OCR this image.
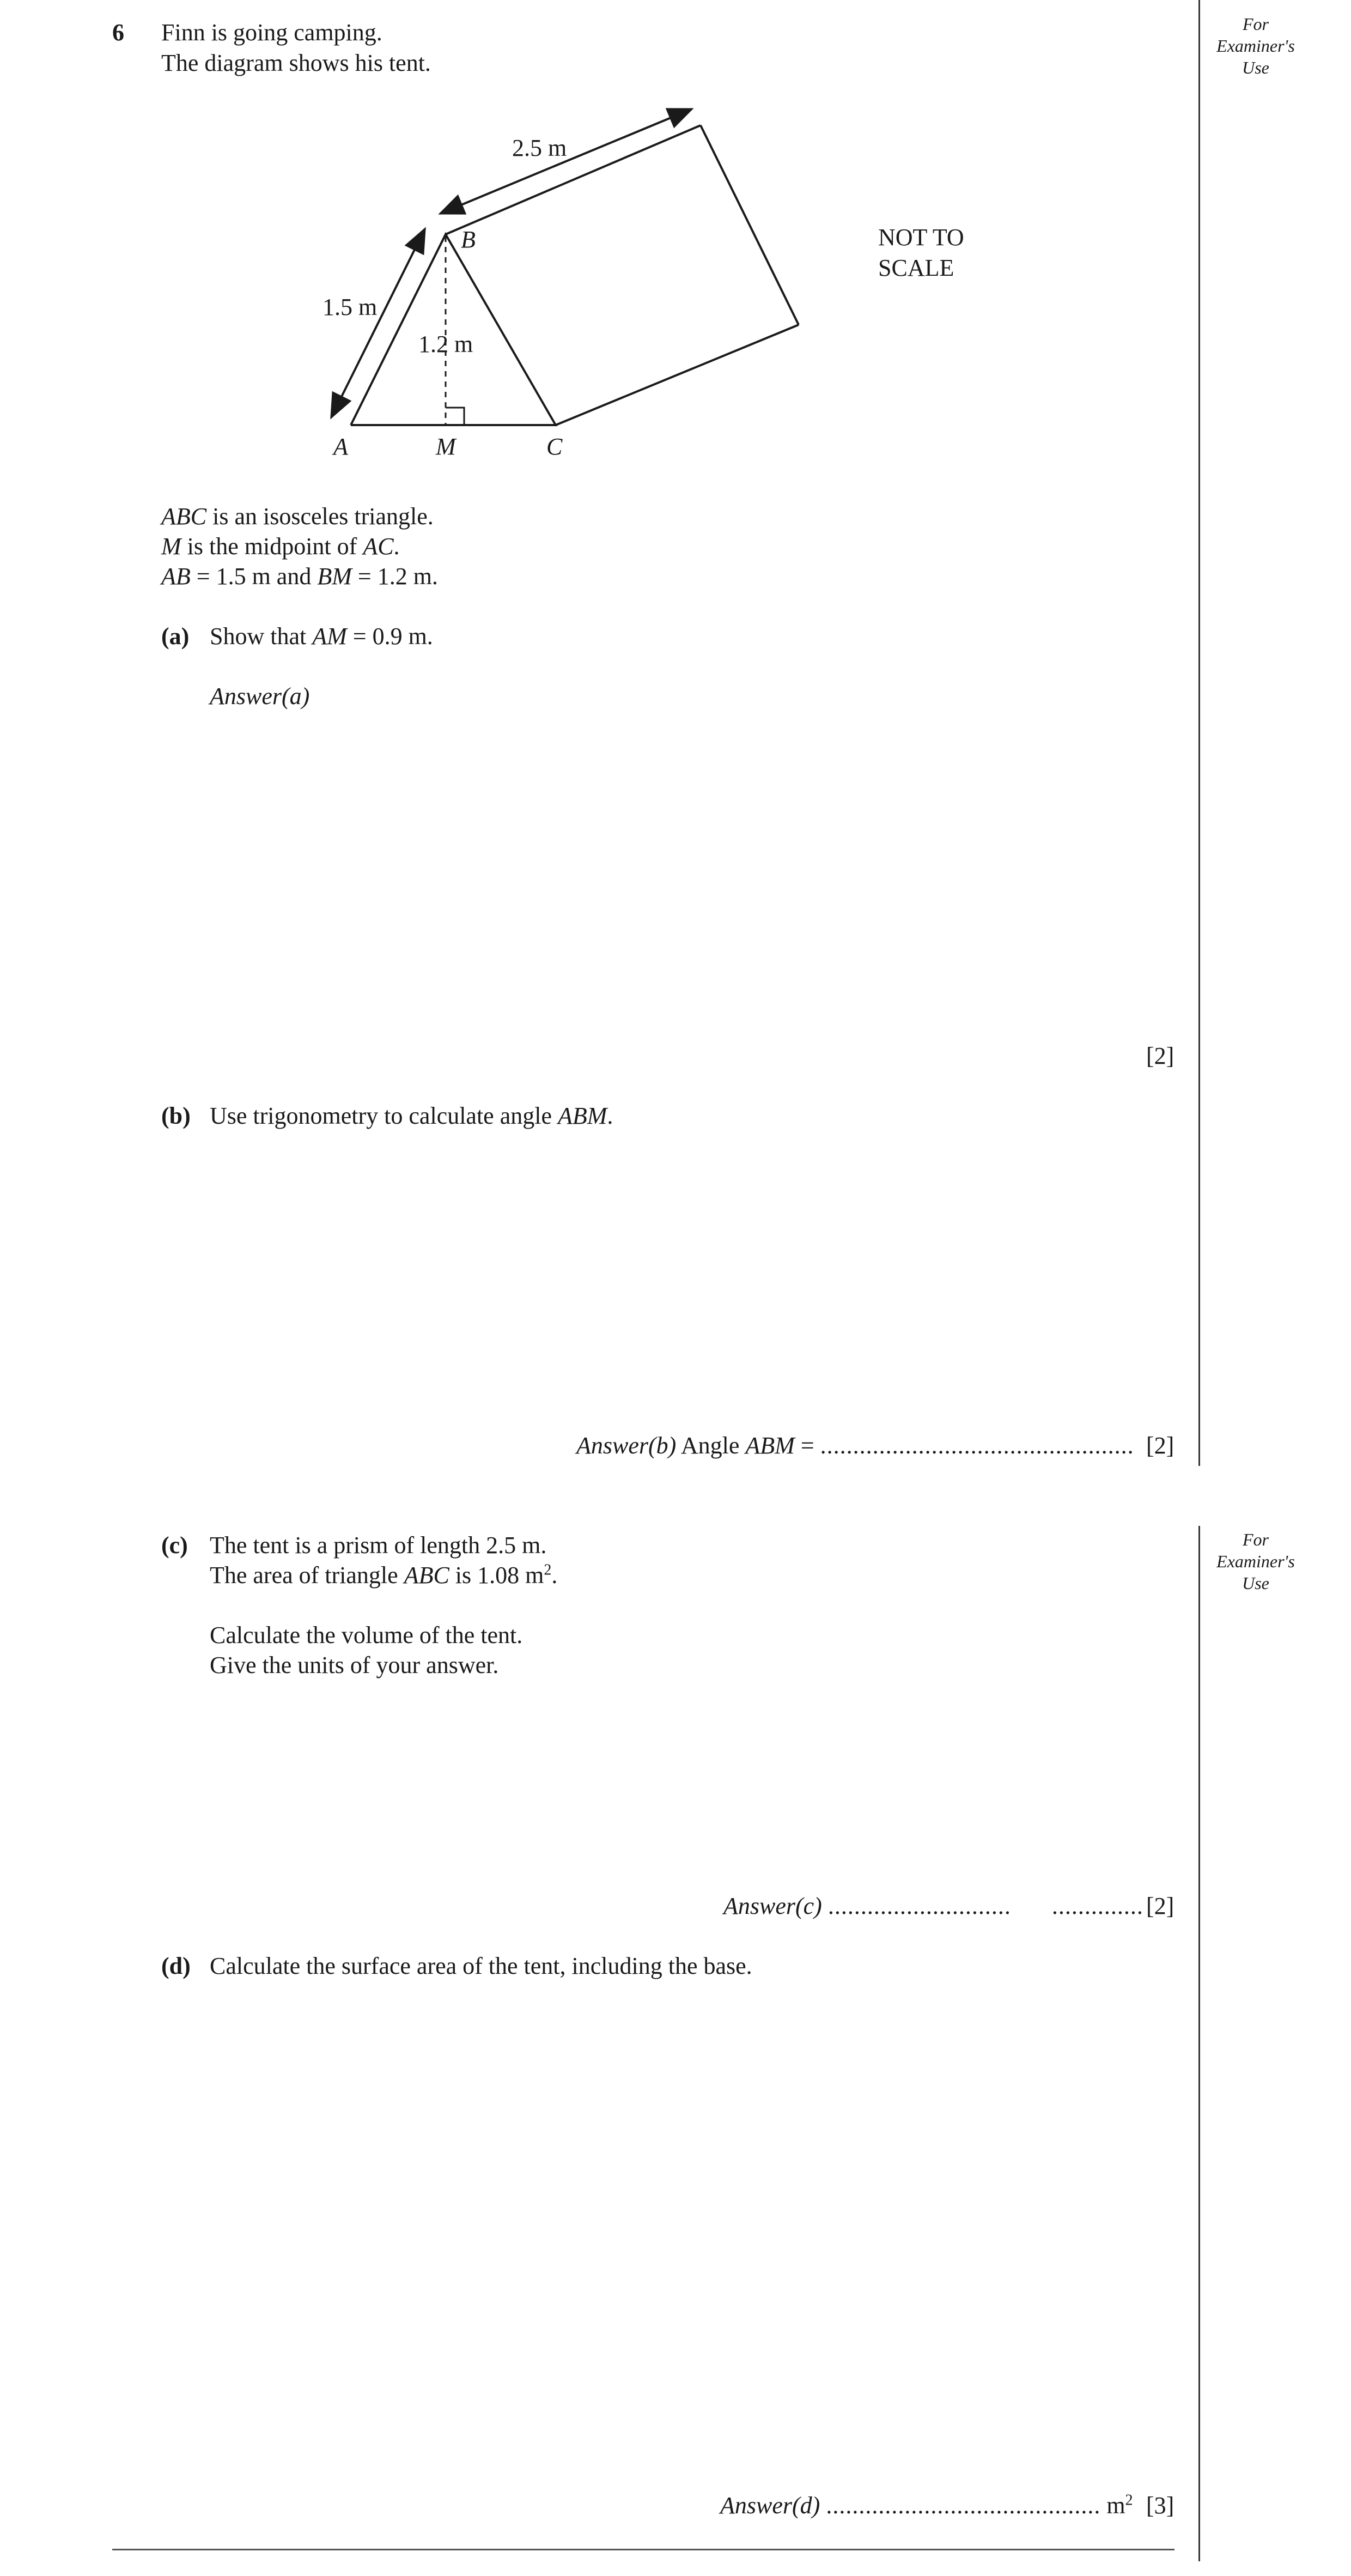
For
Examiner's
Use
For
Examiner's
Use
6 Finn is going camping.
The diagram shows his tent.
A	M	C
B
2.5 m
1.5 m
1.2 m
NOT TO
SCALE
ABC is an isosceles triangle.
M is the midpoint of AC.
AB = 1.5 m and BM = 1.2 m.
(a) Show that AM = 0.9 m.
Answer(a)
[2]
(b) Use trigonometry to calculate angle ABM.
Answer(b) Angle ABM = ................................................ [2]
(c) The tent is a prism of length 2.5 m.
The area of triangle ABC is 1.08 $m^2$.
Calculate the volume of the tent.
Give the units of your answer.
Answer(c) ............................ .............. [2]
(d) Calculate the surface area of the tent, including the base.
Answer(d) .......................................... $m^2$ [3]
